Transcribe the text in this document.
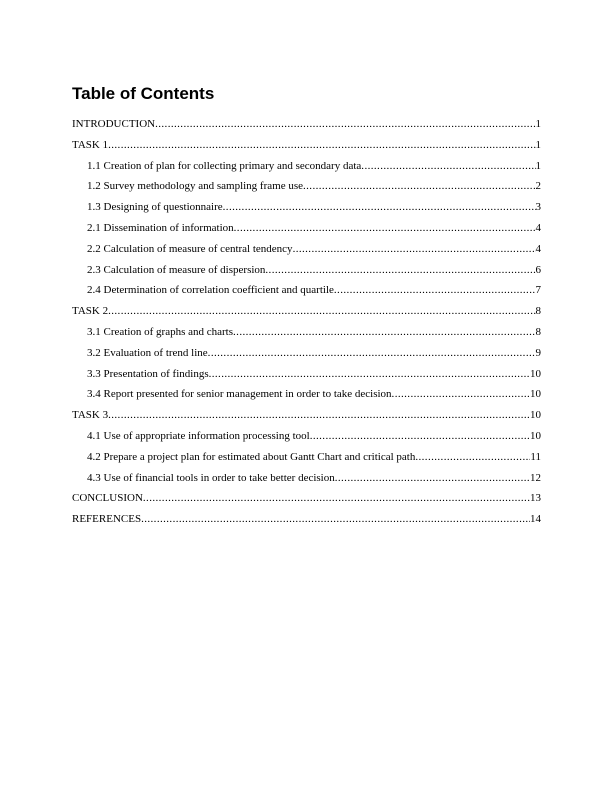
Table of Contents
INTRODUCTION .....	1
TASK 1 .....	1
1.1 Creation of plan for collecting primary and secondary data .....	1
1.2 Survey methodology and sampling frame use .....	2
1.3 Designing of questionnaire .....	3
2.1 Dissemination of information .....	4
2.2 Calculation of measure of central tendency .....	4
2.3 Calculation of measure of dispersion .....	6
2.4 Determination of correlation coefficient and quartile .....	7
TASK 2 .....	8
3.1 Creation of graphs and charts .....	8
3.2 Evaluation of trend line .....	9
3.3 Presentation of findings .....	10
3.4 Report presented for senior management in order to take decision .....	10
TASK 3 .....	10
4.1 Use of appropriate information processing tool .....	10
4.2 Prepare a project plan for estimated about Gantt Chart and critical path .....	11
4.3 Use of financial tools in order to take better decision .....	12
CONCLUSION .....	13
REFERENCES .....	14
